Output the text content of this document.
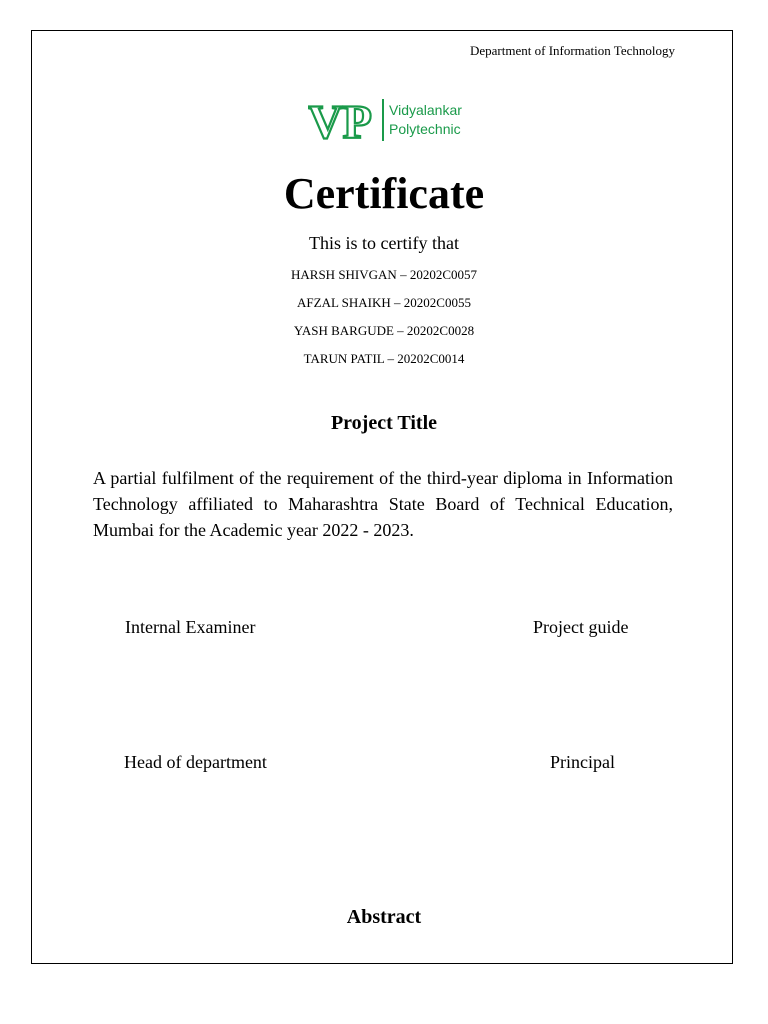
Department of Information Technology
VP Vidyalankar
Polytechnic
Certificate
This is to certify that
HARSH SHIVGAN – 20202C0057
AFZAL SHAIKH – 20202C0055
YASH BARGUDE – 20202C0028
TARUN PATIL – 20202C0014
Project Title
A partial fulfilment of the requirement of the third-year diploma in Information Technology affiliated to Maharashtra State Board of Technical Education, Mumbai for the Academic year 2022 - 2023.
Internal Examiner	Project guide
Head of department	Principal
Abstract
